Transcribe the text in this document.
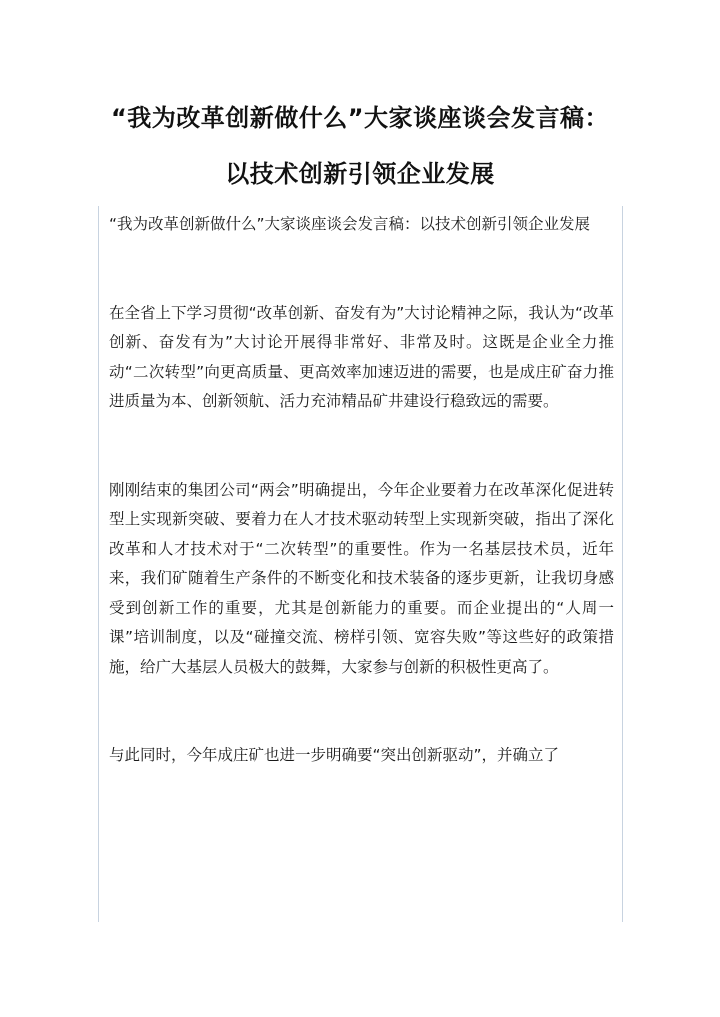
“我为改革创新做什么”大家谈座谈会发言稿：
以技术创新引领企业发展

“我为改革创新做什么”大家谈座谈会发言稿：以技术创新引领企业发展

在全省上下学习贯彻“改革创新、奋发有为”大讨论精神之际，我认为“改革创新、奋发有为”大讨论开展得非常好、非常及时。这既是企业全力推动“二次转型”向更高质量、更高效率加速迈进的需要，也是成庄矿奋力推进质量为本、创新领航、活力充沛精品矿井建设行稳致远的需要。

刚刚结束的集团公司“两会”明确提出，今年企业要着力在改革深化促进转型上实现新突破、要着力在人才技术驱动转型上实现新突破，指出了深化改革和人才技术对于“二次转型”的重要性。作为一名基层技术员，近年来，我们矿随着生产条件的不断变化和技术装备的逐步更新，让我切身感受到创新工作的重要，尤其是创新能力的重要。而企业提出的“人周一课”培训制度，以及“碰撞交流、榜样引领、宽容失败”等这些好的政策措施，给广大基层人员极大的鼓舞，大家参与创新的积极性更高了。

与此同时，今年成庄矿也进一步明确要“突出创新驱动”，并确立了
